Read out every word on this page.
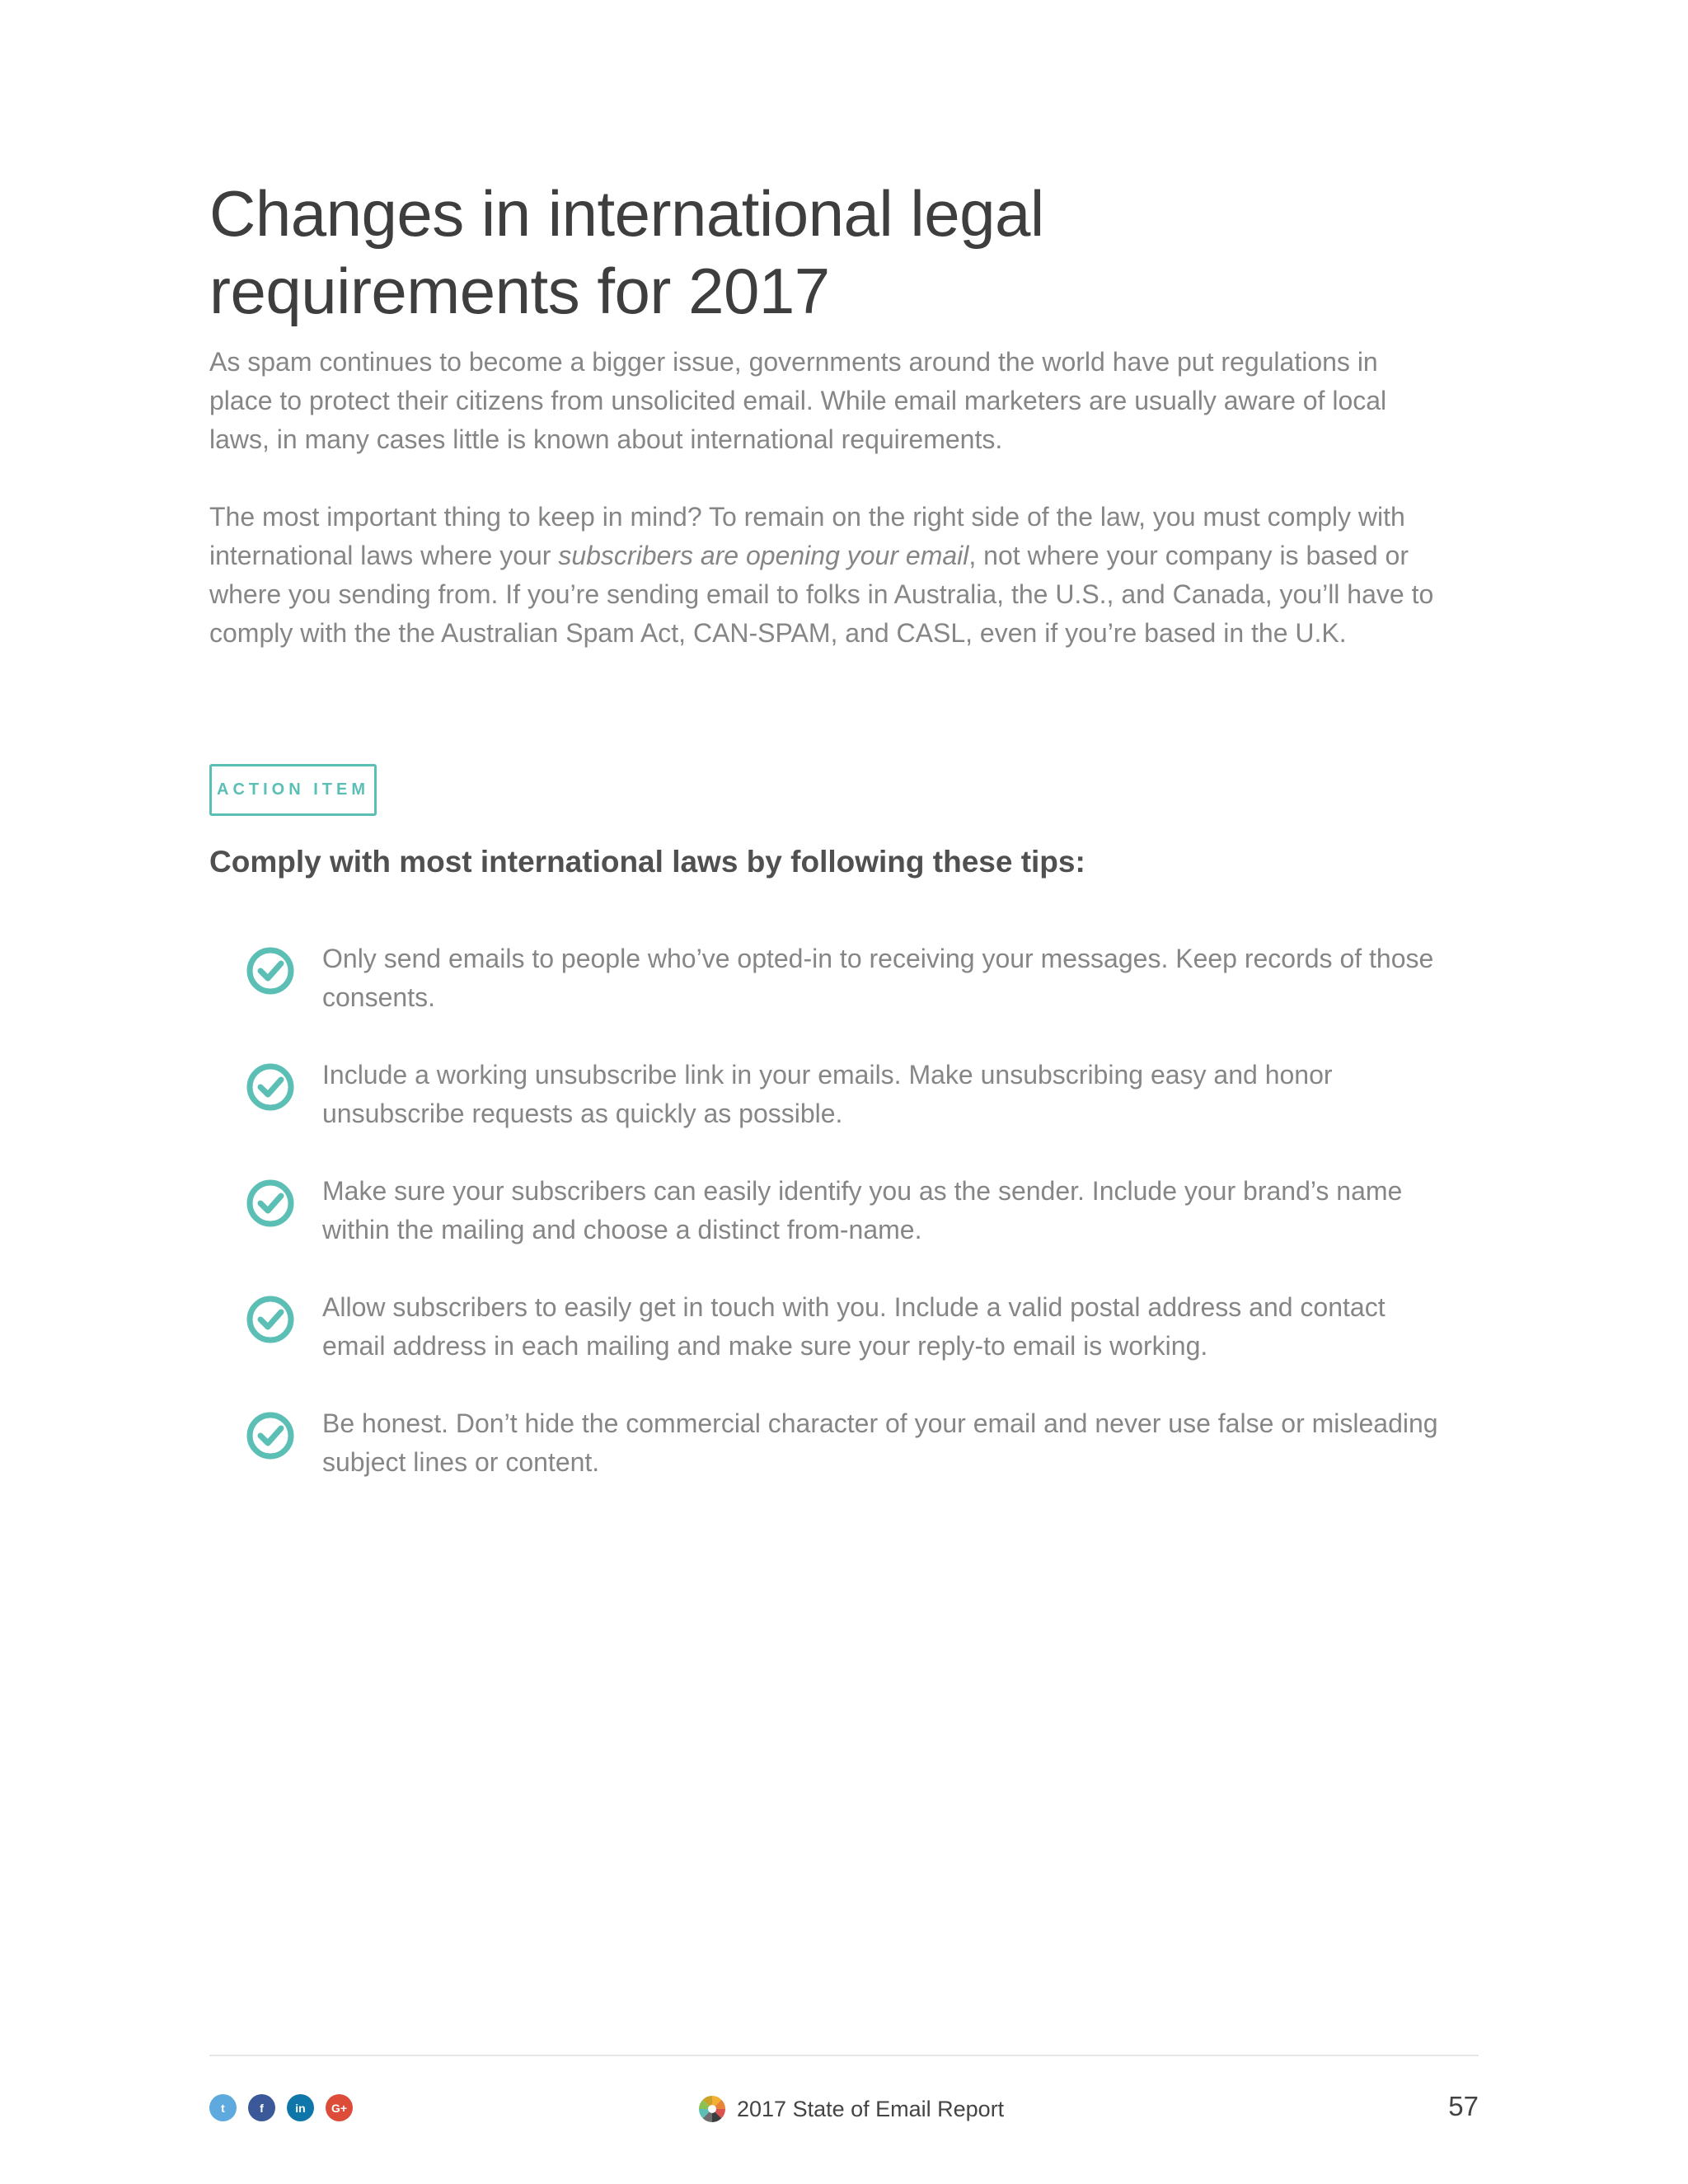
Changes in international legal
requirements for 2017

As spam continues to become a bigger issue, governments around the world have put regulations in
place to protect their citizens from unsolicited email. While email marketers are usually aware of local
laws, in many cases little is known about international requirements.

The most important thing to keep in mind? To remain on the right side of the law, you must comply with
international laws where your subscribers are opening your email, not where your company is based or
where you sending from. If you’re sending email to folks in Australia, the U.S., and Canada, you’ll have to
comply with the the Australian Spam Act, CAN-SPAM, and CASL, even if you’re based in the U.K.

ACTION ITEM
Comply with most international laws by following these tips:
Only send emails to people who’ve opted-in to receiving your messages. Keep records of those
consents.
Include a working unsubscribe link in your emails. Make unsubscribing easy and honor
unsubscribe requests as quickly as possible.
Make sure your subscribers can easily identify you as the sender. Include your brand’s name
within the mailing and choose a distinct from-name.
Allow subscribers to easily get in touch with you. Include a valid postal address and contact
email address in each mailing and make sure your reply-to email is working.
Be honest. Don’t hide the commercial character of your email and never use false or misleading
subject lines or content.
t	f	in	G+	2017 State of Email Report	57
